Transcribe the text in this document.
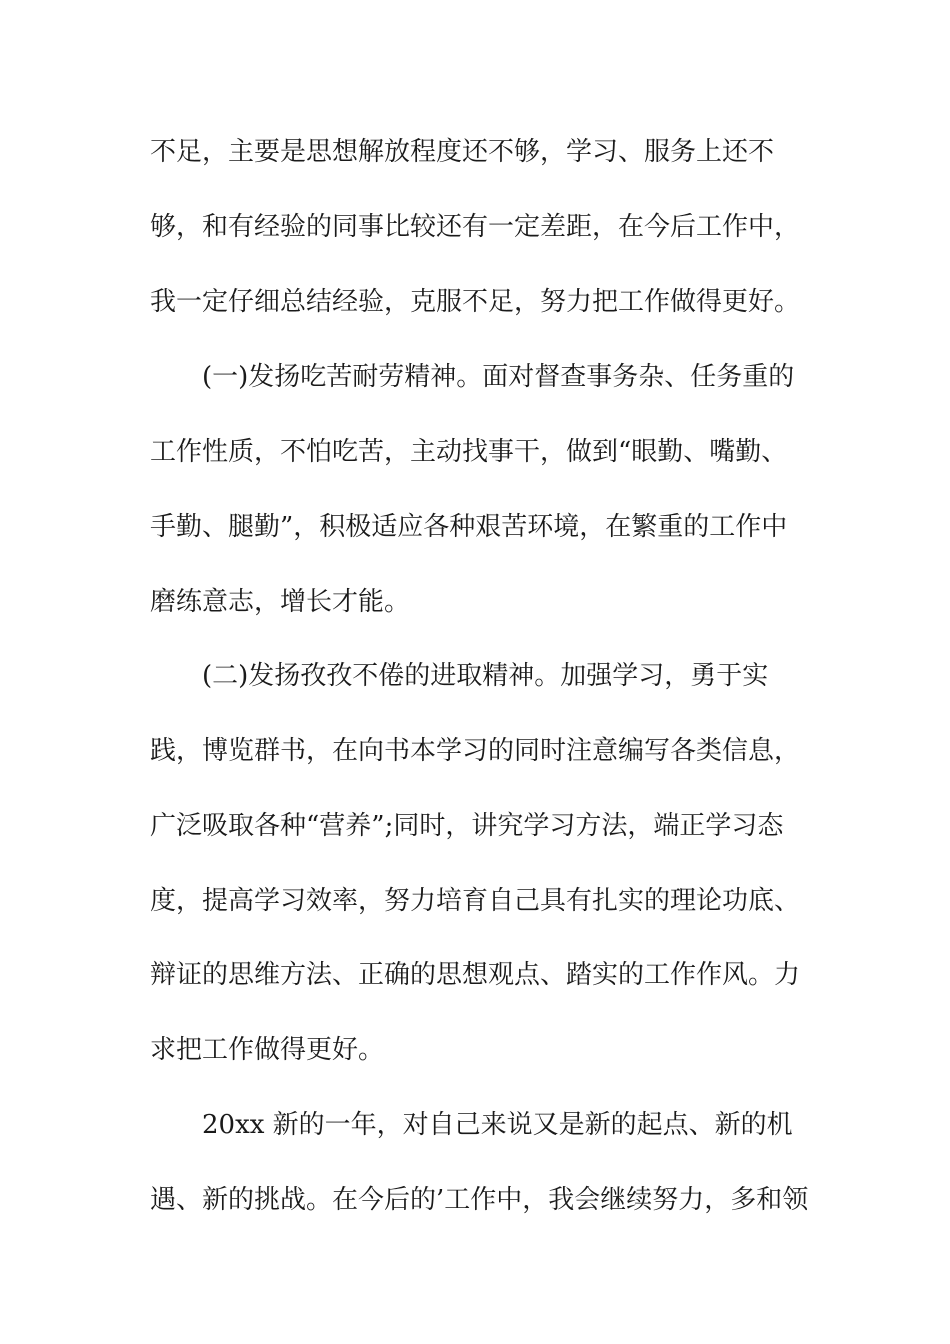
不足，主要是思想解放程度还不够，学习、服务上还不
够，和有经验的同事比较还有一定差距，在今后工作中，
我一定仔细总结经验，克服不足，努力把工作做得更好。
(一)发扬吃苦耐劳精神。面对督查事务杂、任务重的
工作性质，不怕吃苦，主动找事干，做到“眼勤、嘴勤、
手勤、腿勤”，积极适应各种艰苦环境，在繁重的工作中
磨练意志，增长才能。
(二)发扬孜孜不倦的进取精神。加强学习，勇于实
践，博览群书，在向书本学习的同时注意编写各类信息，
广泛吸取各种“营养”;同时，讲究学习方法，端正学习态
度，提高学习效率，努力培育自己具有扎实的理论功底、
辩证的思维方法、正确的思想观点、踏实的工作作风。力
求把工作做得更好。
20xx 新的一年，对自己来说又是新的起点、新的机
遇、新的挑战。在今后的’工作中，我会继续努力，多和领
